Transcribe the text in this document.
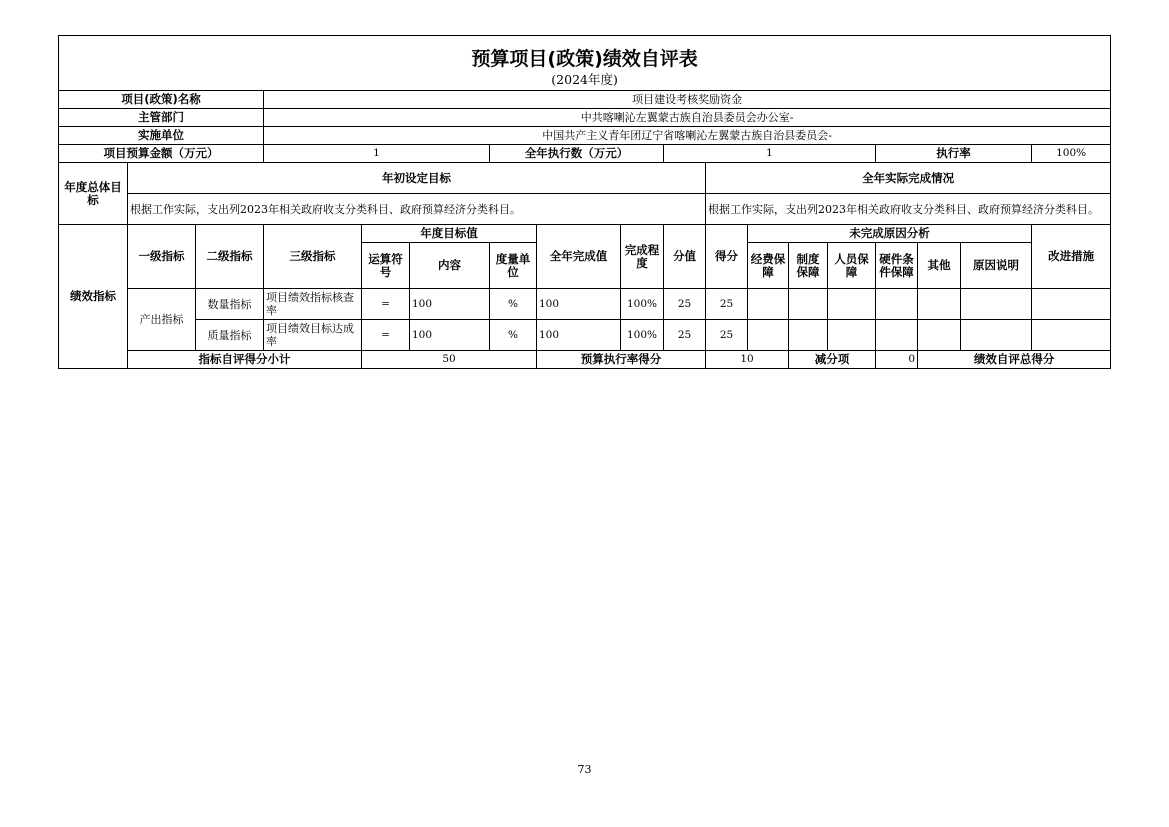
预算项目(政策)绩效自评表																		
(2024年度)																		
项目(政策)名称			项目建设考核奖励资金															
主管部门			中共喀喇沁左翼蒙古族自治县委员会办公室-															
实施单位			中国共产主义青年团辽宁省喀喇沁左翼蒙古族自治县委员会-															
项目预算金额（万元）			1			全年执行数（万元）			1					执行率			100%	
年度总体目标	年初设定目标									全年实际完成情况								
	根据工作实际，支出列2023年相关政府收支分类科目、政府预算经济分类科目。									根据工作实际，支出列2023年相关政府收支分类科目、政府预算经济分类科目。								
绩效指标	一级指标	二级指标	三级指标	年度目标值			全年完成值	完成程度	分值	得分	未完成原因分析						改进措施	
				运算符号	内容	度量单位					经费保障	制度保障	人员保障	硬件条件保障	其他	原因说明		
	产出指标	数量指标	项目绩效指标核查率	=	100	%	100	100%	25	25								
		质量指标	项目绩效目标达成率	=	100	%	100	100%	25	25								
	指标自评得分小计			50			预算执行率得分			10		减分项		0	绩效自评总得分	
73
